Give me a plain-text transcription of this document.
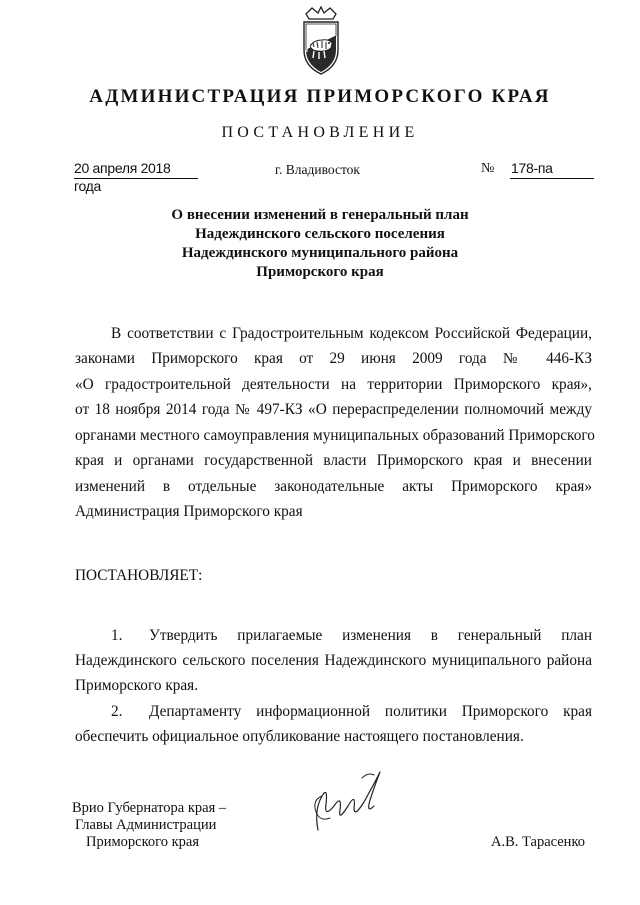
АДМИНИСТРАЦИЯ ПРИМОРСКОГО КРАЯ
ПОСТАНОВЛЕНИЕ
20 апреля 2018 года
г. Владивосток	№ 178-па
О внесении изменений в генеральный план
Надеждинского сельского поселения
Надеждинского муниципального района
Приморского края
В соответствии с Градостроительным кодексом Российской Федерации,
законами Приморского края от 29 июня 2009 года № 446-КЗ
«О градостроительной деятельности на территории Приморского края»,
от 18 ноября 2014 года № 497-КЗ «О перераспределении полномочий между
органами местного самоуправления муниципальных образований Приморского
края и органами государственной власти Приморского края и внесении
изменений в отдельные законодательные акты Приморского края»
Администрация Приморского края
ПОСТАНОВЛЯЕТ:
1. Утвердить прилагаемые изменения в генеральный план
Надеждинского сельского поселения Надеждинского муниципального района
Приморского края.
2. Департаменту информационной политики Приморского края
обеспечить официальное опубликование настоящего постановления.
Врио Губернатора края –
Главы Администрации
Приморского края	А.В. Тарасенко
